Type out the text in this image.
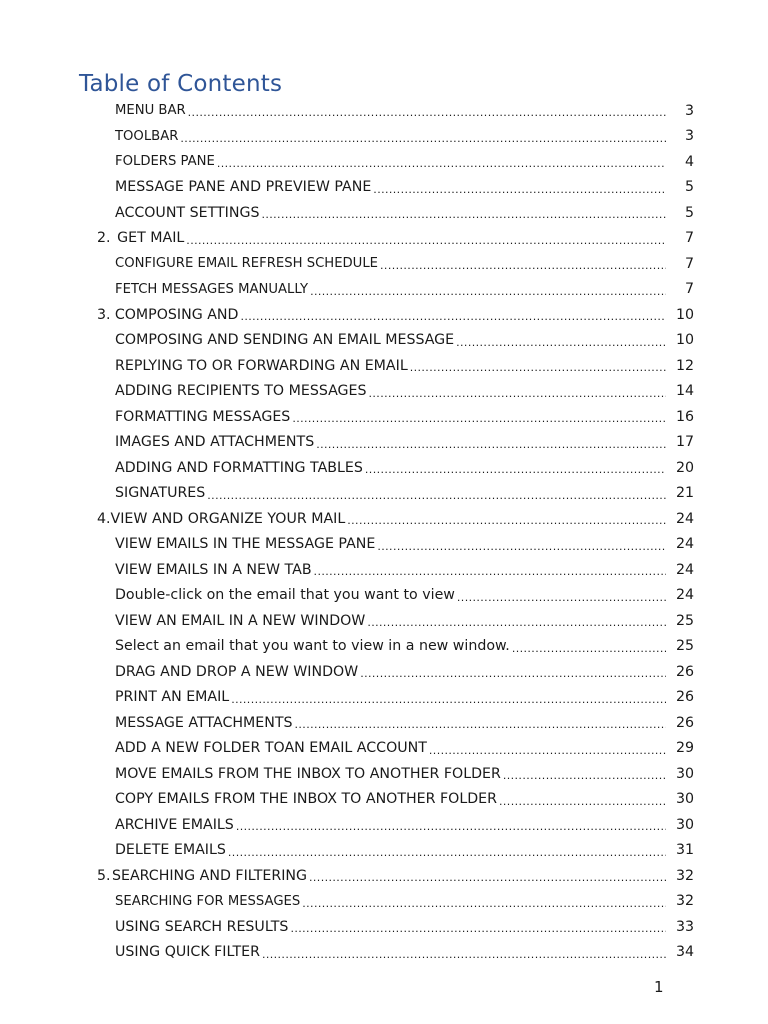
Table of Contents
MENU BAR .....	3
TOOLBAR .....	3
FOLDERS PANE .....	4
MESSAGE PANE AND PREVIEW PANE .....	5
ACCOUNT SETTINGS .....	5
2. GET MAIL .....	7
CONFIGURE EMAIL REFRESH SCHEDULE .....	7
FETCH MESSAGES MANUALLY .....	7
3. COMPOSING AND .....	10
COMPOSING AND SENDING AN EMAIL MESSAGE .....	10
REPLYING TO OR FORWARDING AN EMAIL .....	12
ADDING RECIPIENTS TO MESSAGES .....	14
FORMATTING MESSAGES .....	16
IMAGES AND ATTACHMENTS .....	17
ADDING AND FORMATTING TABLES .....	20
SIGNATURES .....	21
4. VIEW AND ORGANIZE YOUR MAIL .....	24
VIEW EMAILS IN THE MESSAGE PANE .....	24
VIEW EMAILS IN A NEW TAB .....	24
Double-click on the email that you want to view .....	24
VIEW AN EMAIL IN A NEW WINDOW .....	25
Select an email that you want to view in a new window. .....	25
DRAG AND DROP A NEW WINDOW .....	26
PRINT AN EMAIL .....	26
MESSAGE ATTACHMENTS .....	26
ADD A NEW FOLDER TOAN EMAIL ACCOUNT .....	29
MOVE EMAILS FROM THE INBOX TO ANOTHER FOLDER .....	30
COPY EMAILS FROM THE INBOX TO ANOTHER FOLDER .....	30
ARCHIVE EMAILS .....	30
DELETE EMAILS .....	31
5. SEARCHING AND FILTERING .....	32
SEARCHING FOR MESSAGES .....	32
USING SEARCH RESULTS .....	33
USING QUICK FILTER .....	34
1
